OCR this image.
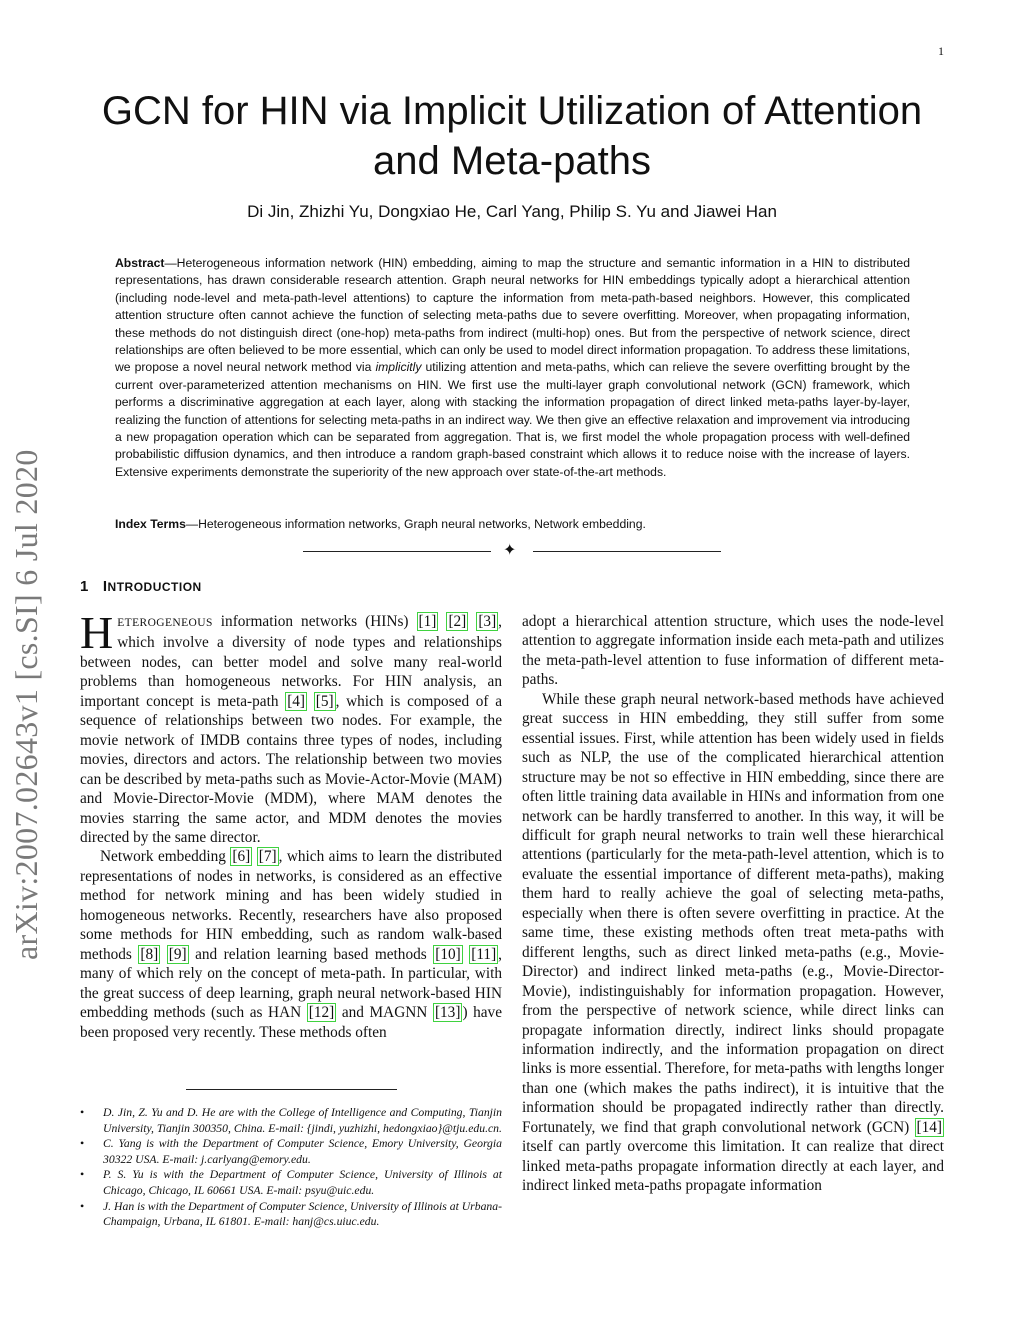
1
arXiv:2007.02643v1 [cs.SI] 6 Jul 2020
GCN for HIN via Implicit Utilization of Attention
and Meta-paths
Di Jin, Zhizhi Yu, Dongxiao He, Carl Yang, Philip S. Yu and Jiawei Han

Abstract—Heterogeneous information network (HIN) embedding, aiming to map the structure and semantic information in a HIN to distributed representations, has drawn considerable research attention. Graph neural networks for HIN embeddings typically adopt a hierarchical attention (including node-level and meta-path-level attentions) to capture the information from meta-path-based neighbors. However, this complicated attention structure often cannot achieve the function of selecting meta-paths due to severe overfitting. Moreover, when propagating information, these methods do not distinguish direct (one-hop) meta-paths from indirect (multi-hop) ones. But from the perspective of network science, direct relationships are often believed to be more essential, which can only be used to model direct information propagation. To address these limitations, we propose a novel neural network method via implicitly utilizing attention and meta-paths, which can relieve the severe overfitting brought by the current over-parameterized attention mechanisms on HIN. We first use the multi-layer graph convolutional network (GCN) framework, which performs a discriminative aggregation at each layer, along with stacking the information propagation of direct linked meta-paths layer-by-layer, realizing the function of attentions for selecting meta-paths in an indirect way. We then give an effective relaxation and improvement via introducing a new propagation operation which can be separated from aggregation. That is, we first model the whole propagation process with well-defined probabilistic diffusion dynamics, and then introduce a random graph-based constraint which allows it to reduce noise with the increase of layers. Extensive experiments demonstrate the superiority of the new approach over state-of-the-art methods.

Index Terms—Heterogeneous information networks, Graph neural networks, Network embedding.

✦
1 INTRODUCTION

HETEROGENEOUS information networks (HINs) [1] [2] [3] , which involve a diversity of node types and relationships between nodes, can better model and solve many real-world problems than homogeneous networks. For HIN analysis, an important concept is meta-path [4] [5] , which is composed of a sequence of relationships between two nodes. For example, the movie network of IMDB contains three types of nodes, including movies, directors and actors. The relationship between two movies can be described by meta-paths such as Movie-Actor-Movie (MAM) and Movie-Director-Movie (MDM), where MAM denotes the movies starring the same actor, and MDM denotes the movies directed by the same director.

Network embedding [6] [7] , which aims to learn the distributed representations of nodes in networks, is considered as an effective method for network mining and has been widely studied in homogeneous networks. Recently, researchers have also proposed some methods for HIN embedding, such as random walk-based methods [8] [9] and relation learning based methods [10] [11] , many of which rely on the concept of meta-path. In particular, with the great success of deep learning, graph neural network-based HIN embedding methods (such as HAN [12] and MAGNN [13] ) have been proposed very recently. These methods often

• D. Jin, Z. Yu and D. He are with the College of Intelligence and Computing, Tianjin University, Tianjin 300350, China. E-mail: {jindi, yuzhizhi, hedongxiao}@tju.edu.cn.
• C. Yang is with the Department of Computer Science, Emory University, Georgia 30322 USA. E-mail: j.carlyang@emory.edu.
• P. S. Yu is with the Department of Computer Science, University of Illinois at Chicago, Chicago, IL 60661 USA. E-mail: psyu@uic.edu.
• J. Han is with the Department of Computer Science, University of Illinois at Urbana-Champaign, Urbana, IL 61801. E-mail: hanj@cs.uiuc.edu.

adopt a hierarchical attention structure, which uses the node-level attention to aggregate information inside each meta-path and utilizes the meta-path-level attention to fuse information of different meta-paths.

While these graph neural network-based methods have achieved great success in HIN embedding, they still suffer from some essential issues. First, while attention has been widely used in fields such as NLP, the use of the complicated hierarchical attention structure may be not so effective in HIN embedding, since there are often little training data available in HINs and information from one network can be hardly transferred to another. In this way, it will be difficult for graph neural networks to train well these hierarchical attentions (particularly for the meta-path-level attention, which is to evaluate the essential importance of different meta-paths), making them hard to really achieve the goal of selecting meta-paths, especially when there is often severe overfitting in practice. At the same time, these existing methods often treat meta-paths with different lengths, such as direct linked meta-paths (e.g., Movie-Director) and indirect linked meta-paths (e.g., Movie-Director-Movie), indistinguishably for information propagation. However, from the perspective of network science, while direct links can propagate information directly, indirect links should propagate information indirectly, and the information propagation on direct links is more essential. Therefore, for meta-paths with lengths longer than one (which makes the paths indirect), it is intuitive that the information should be propagated indirectly rather than directly. Fortunately, we find that graph convolutional network (GCN) [14] itself can partly overcome this limitation. It can realize that direct linked meta-paths propagate information directly at each layer, and indirect linked meta-paths propagate information
